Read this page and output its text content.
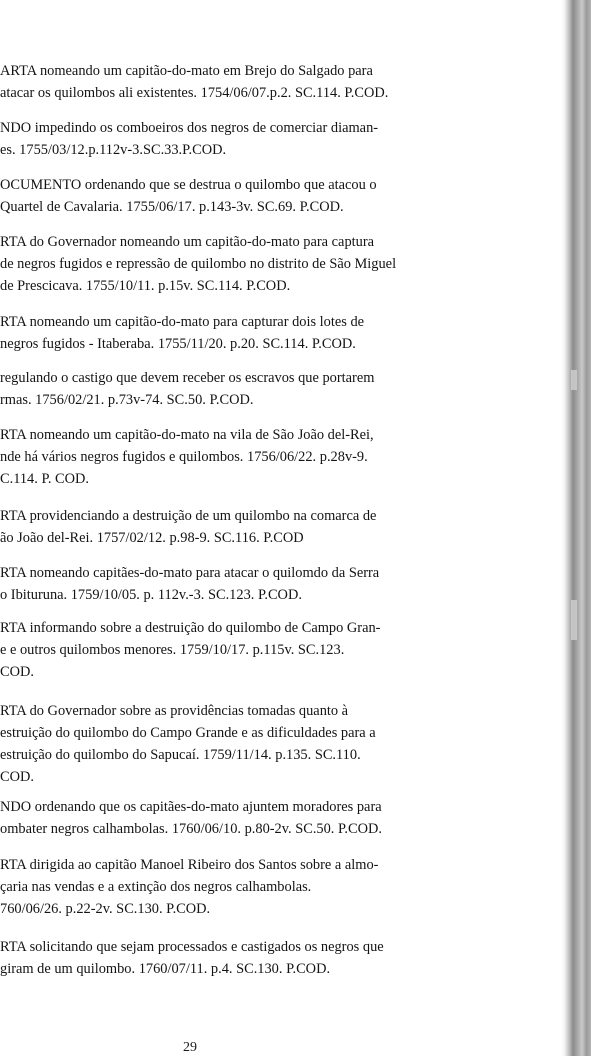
ARTA nomeando um capitão-do-mato em Brejo do Salgado para
atacar os quilombos ali existentes. 1754/06/07.p.2. SC.114. P.COD.
NDO impedindo os comboeiros dos negros de comerciar diaman-
es. 1755/03/12.p.112v-3.SC.33.P.COD.
OCUMENTO ordenando que se destrua o quilombo que atacou o
Quartel de Cavalaria. 1755/06/17. p.143-3v. SC.69. P.COD.
RTA do Governador nomeando um capitão-do-mato para captura
de negros fugidos e repressão de quilombo no distrito de São Miguel
de Prescicava. 1755/10/11. p.15v. SC.114. P.COD.
RTA nomeando um capitão-do-mato para capturar dois lotes de
negros fugidos - Itaberaba. 1755/11/20. p.20. SC.114. P.COD.
regulando o castigo que devem receber os escravos que portarem
rmas. 1756/02/21. p.73v-74. SC.50. P.COD.
RTA nomeando um capitão-do-mato na vila de São João del-Rei,
nde há vários negros fugidos e quilombos. 1756/06/22. p.28v-9.
C.114. P. COD.
RTA providenciando a destruição de um quilombo na comarca de
ão João del-Rei. 1757/02/12. p.98-9. SC.116. P.COD
RTA nomeando capitães-do-mato para atacar o quilomdo da Serra
o Ibituruna. 1759/10/05. p. 112v.-3. SC.123. P.COD.
RTA informando sobre a destruição do quilombo de Campo Gran-
e e outros quilombos menores. 1759/10/17. p.115v. SC.123.
COD.
RTA do Governador sobre as providências tomadas quanto à
estruição do quilombo do Campo Grande e as dificuldades para a
estruição do quilombo do Sapucaí. 1759/11/14. p.135. SC.110.
COD.
NDO ordenando que os capitães-do-mato ajuntem moradores para
ombater negros calhambolas. 1760/06/10. p.80-2v. SC.50. P.COD.
RTA dirigida ao capitão Manoel Ribeiro dos Santos sobre a almo-
çaria nas vendas e a extinção dos negros calhambolas.
760/06/26. p.22-2v. SC.130. P.COD.
RTA solicitando que sejam processados e castigados os negros que
giram de um quilombo. 1760/07/11. p.4. SC.130. P.COD.
29
